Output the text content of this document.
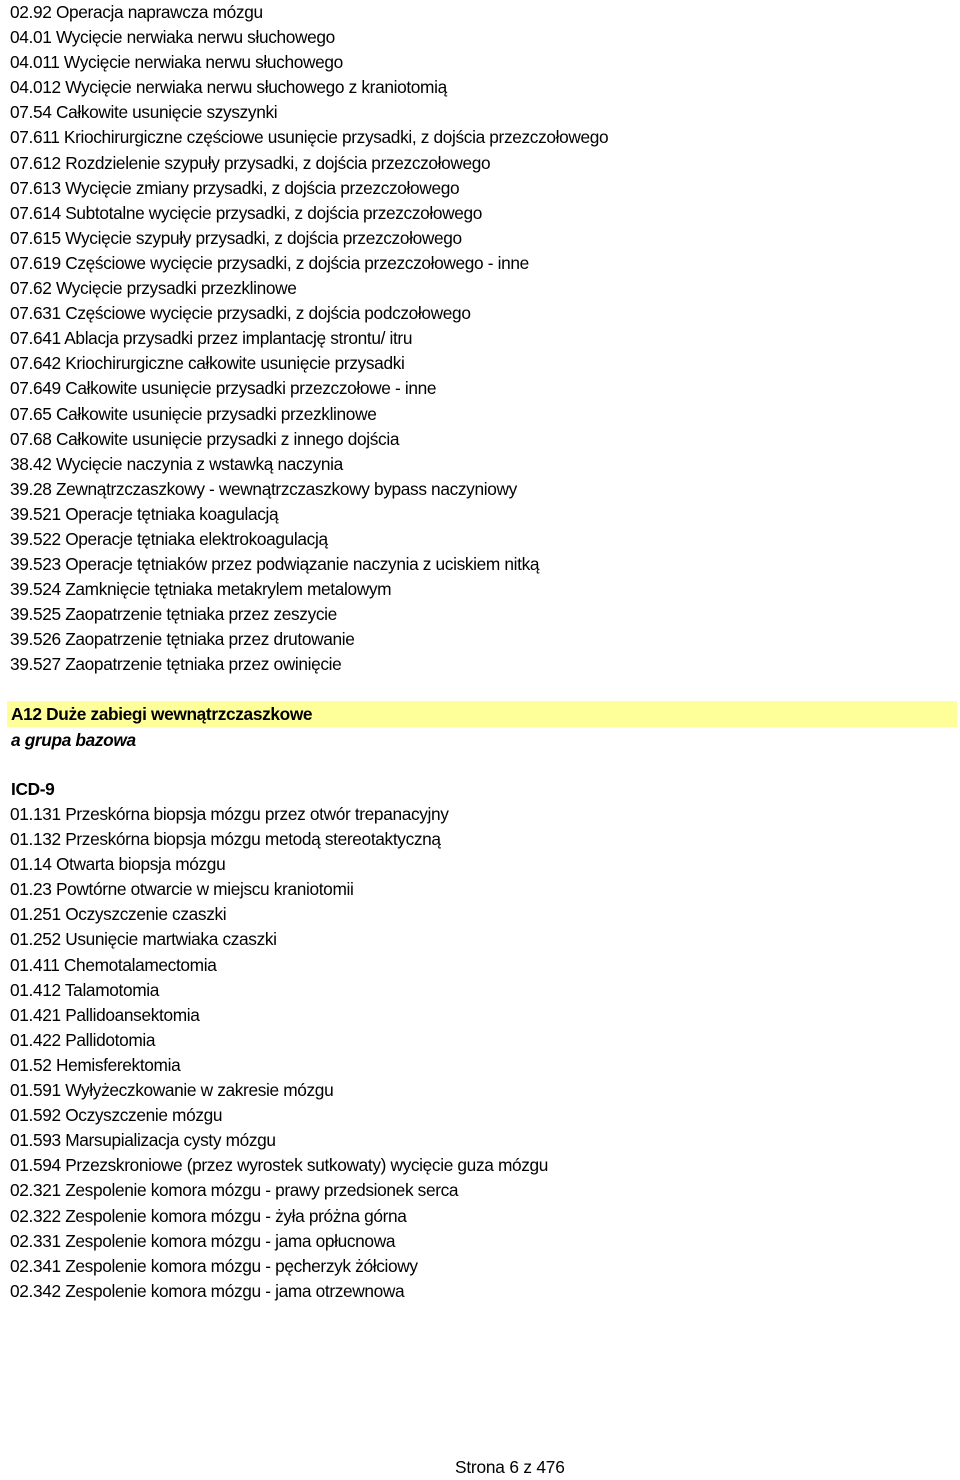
02.92 Operacja naprawcza mózgu
04.01 Wycięcie nerwiaka nerwu słuchowego
04.011 Wycięcie nerwiaka nerwu słuchowego
04.012 Wycięcie nerwiaka nerwu słuchowego z kraniotomią
07.54 Całkowite usunięcie szyszynki
07.611 Kriochirurgiczne częściowe usunięcie przysadki, z dojścia przezczołowego
07.612 Rozdzielenie szypuły przysadki, z dojścia przezczołowego
07.613 Wycięcie zmiany przysadki, z dojścia przezczołowego
07.614 Subtotalne wycięcie przysadki, z dojścia przezczołowego
07.615 Wycięcie szypuły przysadki, z dojścia przezczołowego
07.619 Częściowe wycięcie przysadki, z dojścia przezczołowego - inne
07.62 Wycięcie przysadki przezklinowe
07.631 Częściowe wycięcie przysadki, z dojścia podczołowego
07.641 Ablacja przysadki przez implantację strontu/ itru
07.642 Kriochirurgiczne całkowite usunięcie przysadki
07.649 Całkowite usunięcie przysadki przezczołowe - inne
07.65 Całkowite usunięcie przysadki przezklinowe
07.68 Całkowite usunięcie przysadki z innego dojścia
38.42 Wycięcie naczynia z wstawką naczynia
39.28 Zewnątrzczaszkowy - wewnątrzczaszkowy bypass naczyniowy
39.521 Operacje tętniaka koagulacją
39.522 Operacje tętniaka elektrokoagulacją
39.523 Operacje tętniaków przez podwiązanie naczynia z uciskiem nitką
39.524 Zamknięcie tętniaka metakrylem metalowym
39.525 Zaopatrzenie tętniaka przez zeszycie
39.526 Zaopatrzenie tętniaka przez drutowanie
39.527 Zaopatrzenie tętniaka przez owinięcie
A12 Duże zabiegi wewnątrzczaszkowe
a grupa bazowa
ICD-9
01.131 Przeskórna biopsja mózgu przez otwór trepanacyjny
01.132 Przeskórna biopsja mózgu metodą stereotaktyczną
01.14 Otwarta biopsja mózgu
01.23 Powtórne otwarcie w miejscu kraniotomii
01.251 Oczyszczenie czaszki
01.252 Usunięcie martwiaka czaszki
01.411 Chemotalamectomia
01.412 Talamotomia
01.421 Pallidoansektomia
01.422 Pallidotomia
01.52 Hemisferektomia
01.591 Wyłyżeczkowanie w zakresie mózgu
01.592 Oczyszczenie mózgu
01.593 Marsupializacja cysty mózgu
01.594 Przezskroniowe (przez wyrostek sutkowaty) wycięcie guza mózgu
02.321 Zespolenie komora mózgu - prawy przedsionek serca
02.322 Zespolenie komora mózgu - żyła próżna górna
02.331 Zespolenie komora mózgu - jama opłucnowa
02.341 Zespolenie komora mózgu - pęcherzyk żółciowy
02.342 Zespolenie komora mózgu - jama otrzewnowa
Strona 6 z 476
